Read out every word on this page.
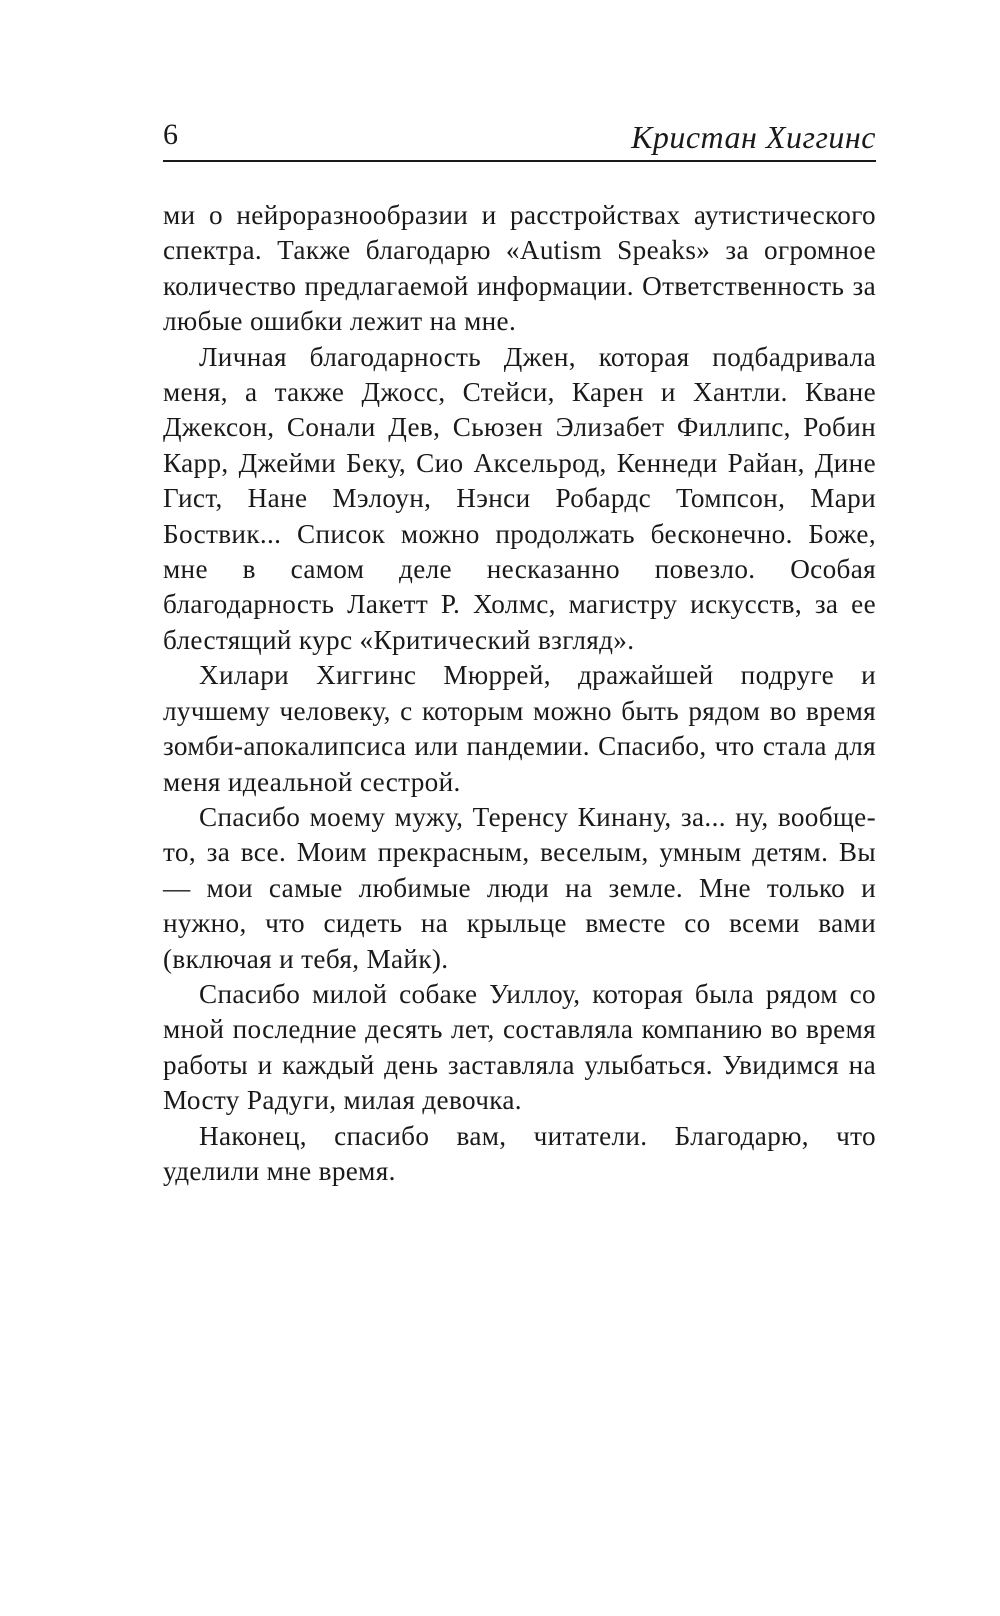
6	Кристан Хиггинс

ми о нейроразнообразии и расстройствах аутистического спектра. Также благодарю «Autism Speaks» за огромное количество предлагаемой информации. Ответственность за любые ошибки лежит на мне.

Личная благодарность Джен, которая подбадривала меня, а также Джосс, Стейси, Карен и Хантли. Кване Джексон, Сонали Дев, Сьюзен Элизабет Филлипс, Робин Карр, Джейми Беку, Сио Аксельрод, Кеннеди Райан, Дине Гист, Нане Мэлоун, Нэнси Робардс Томпсон, Мари Боствик... Список можно продолжать бесконечно. Боже, мне в самом деле несказанно повезло. Особая благодарность Лакетт Р. Холмс, магистру искусств, за ее блестящий курс «Критический взгляд».

Хилари Хиггинс Мюррей, дражайшей подруге и лучшему человеку, с которым можно быть рядом во время зомби-апокалипсиса или пандемии. Спасибо, что стала для меня идеальной сестрой.

Спасибо моему мужу, Теренсу Кинану, за... ну, вообще-то, за все. Моим прекрасным, веселым, умным детям. Вы — мои самые любимые люди на земле. Мне только и нужно, что сидеть на крыльце вместе со всеми вами (включая и тебя, Майк).

Спасибо милой собаке Уиллоу, которая была рядом со мной последние десять лет, составляла компанию во время работы и каждый день заставляла улыбаться. Увидимся на Мосту Радуги, милая девочка.

Наконец, спасибо вам, читатели. Благодарю, что уделили мне время.
